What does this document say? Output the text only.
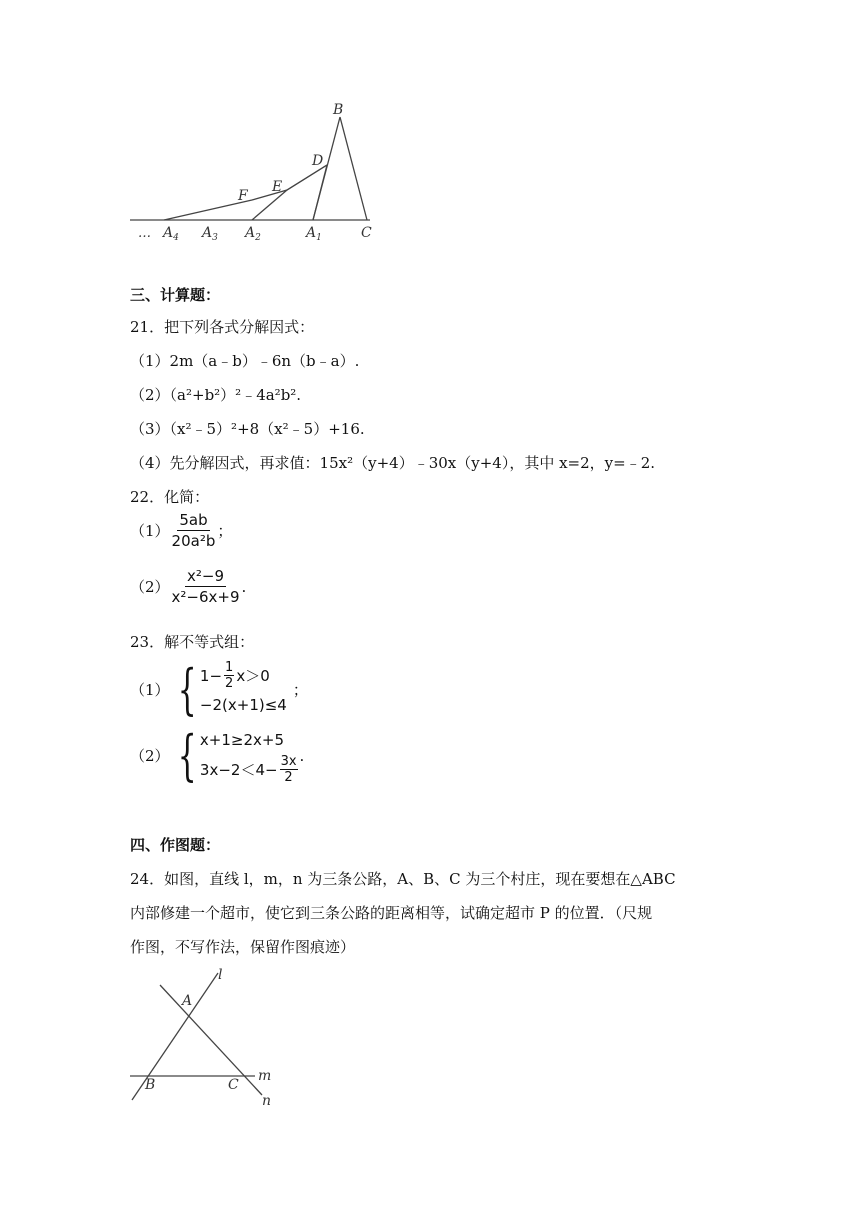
B
D
E
F
C
… $A_4$ $A_3$ $A_2$	$A_1$
三、计算题：
21．把下列各式分解因式：
（1）2m（a﹣b）﹣6n（b﹣a）.
（2）（a²+b²）²﹣4a²b².
（3）（x²﹣5）²+8（x²﹣5）+16.
（4）先分解因式，再求值：15x²（y+4）﹣30x（y+4），其中 x=2，y=﹣2.
22．化简：
$(1) \frac{5ab}{\text{20a²b}}$ ；
$(2) \frac{\text{x²−9}}{\text{x²−6x+9}}$ .
23．解不等式组：
（1） { $1- \frac{1}{2} x>0$
−2(x+1)≤4
；
（2） { x+1≥2x+5
$3x-2<4- \frac{3x}{2}$ .
四、作图题：
24．如图，直线 l，m，n 为三条公路，A、B、C 为三个村庄，现在要想在△ABC
内部修建一个超市，使它到三条公路的距离相等，试确定超市 P 的位置．（尺规
作图，不写作法，保留作图痕迹）
l
A
B	C
m
n
